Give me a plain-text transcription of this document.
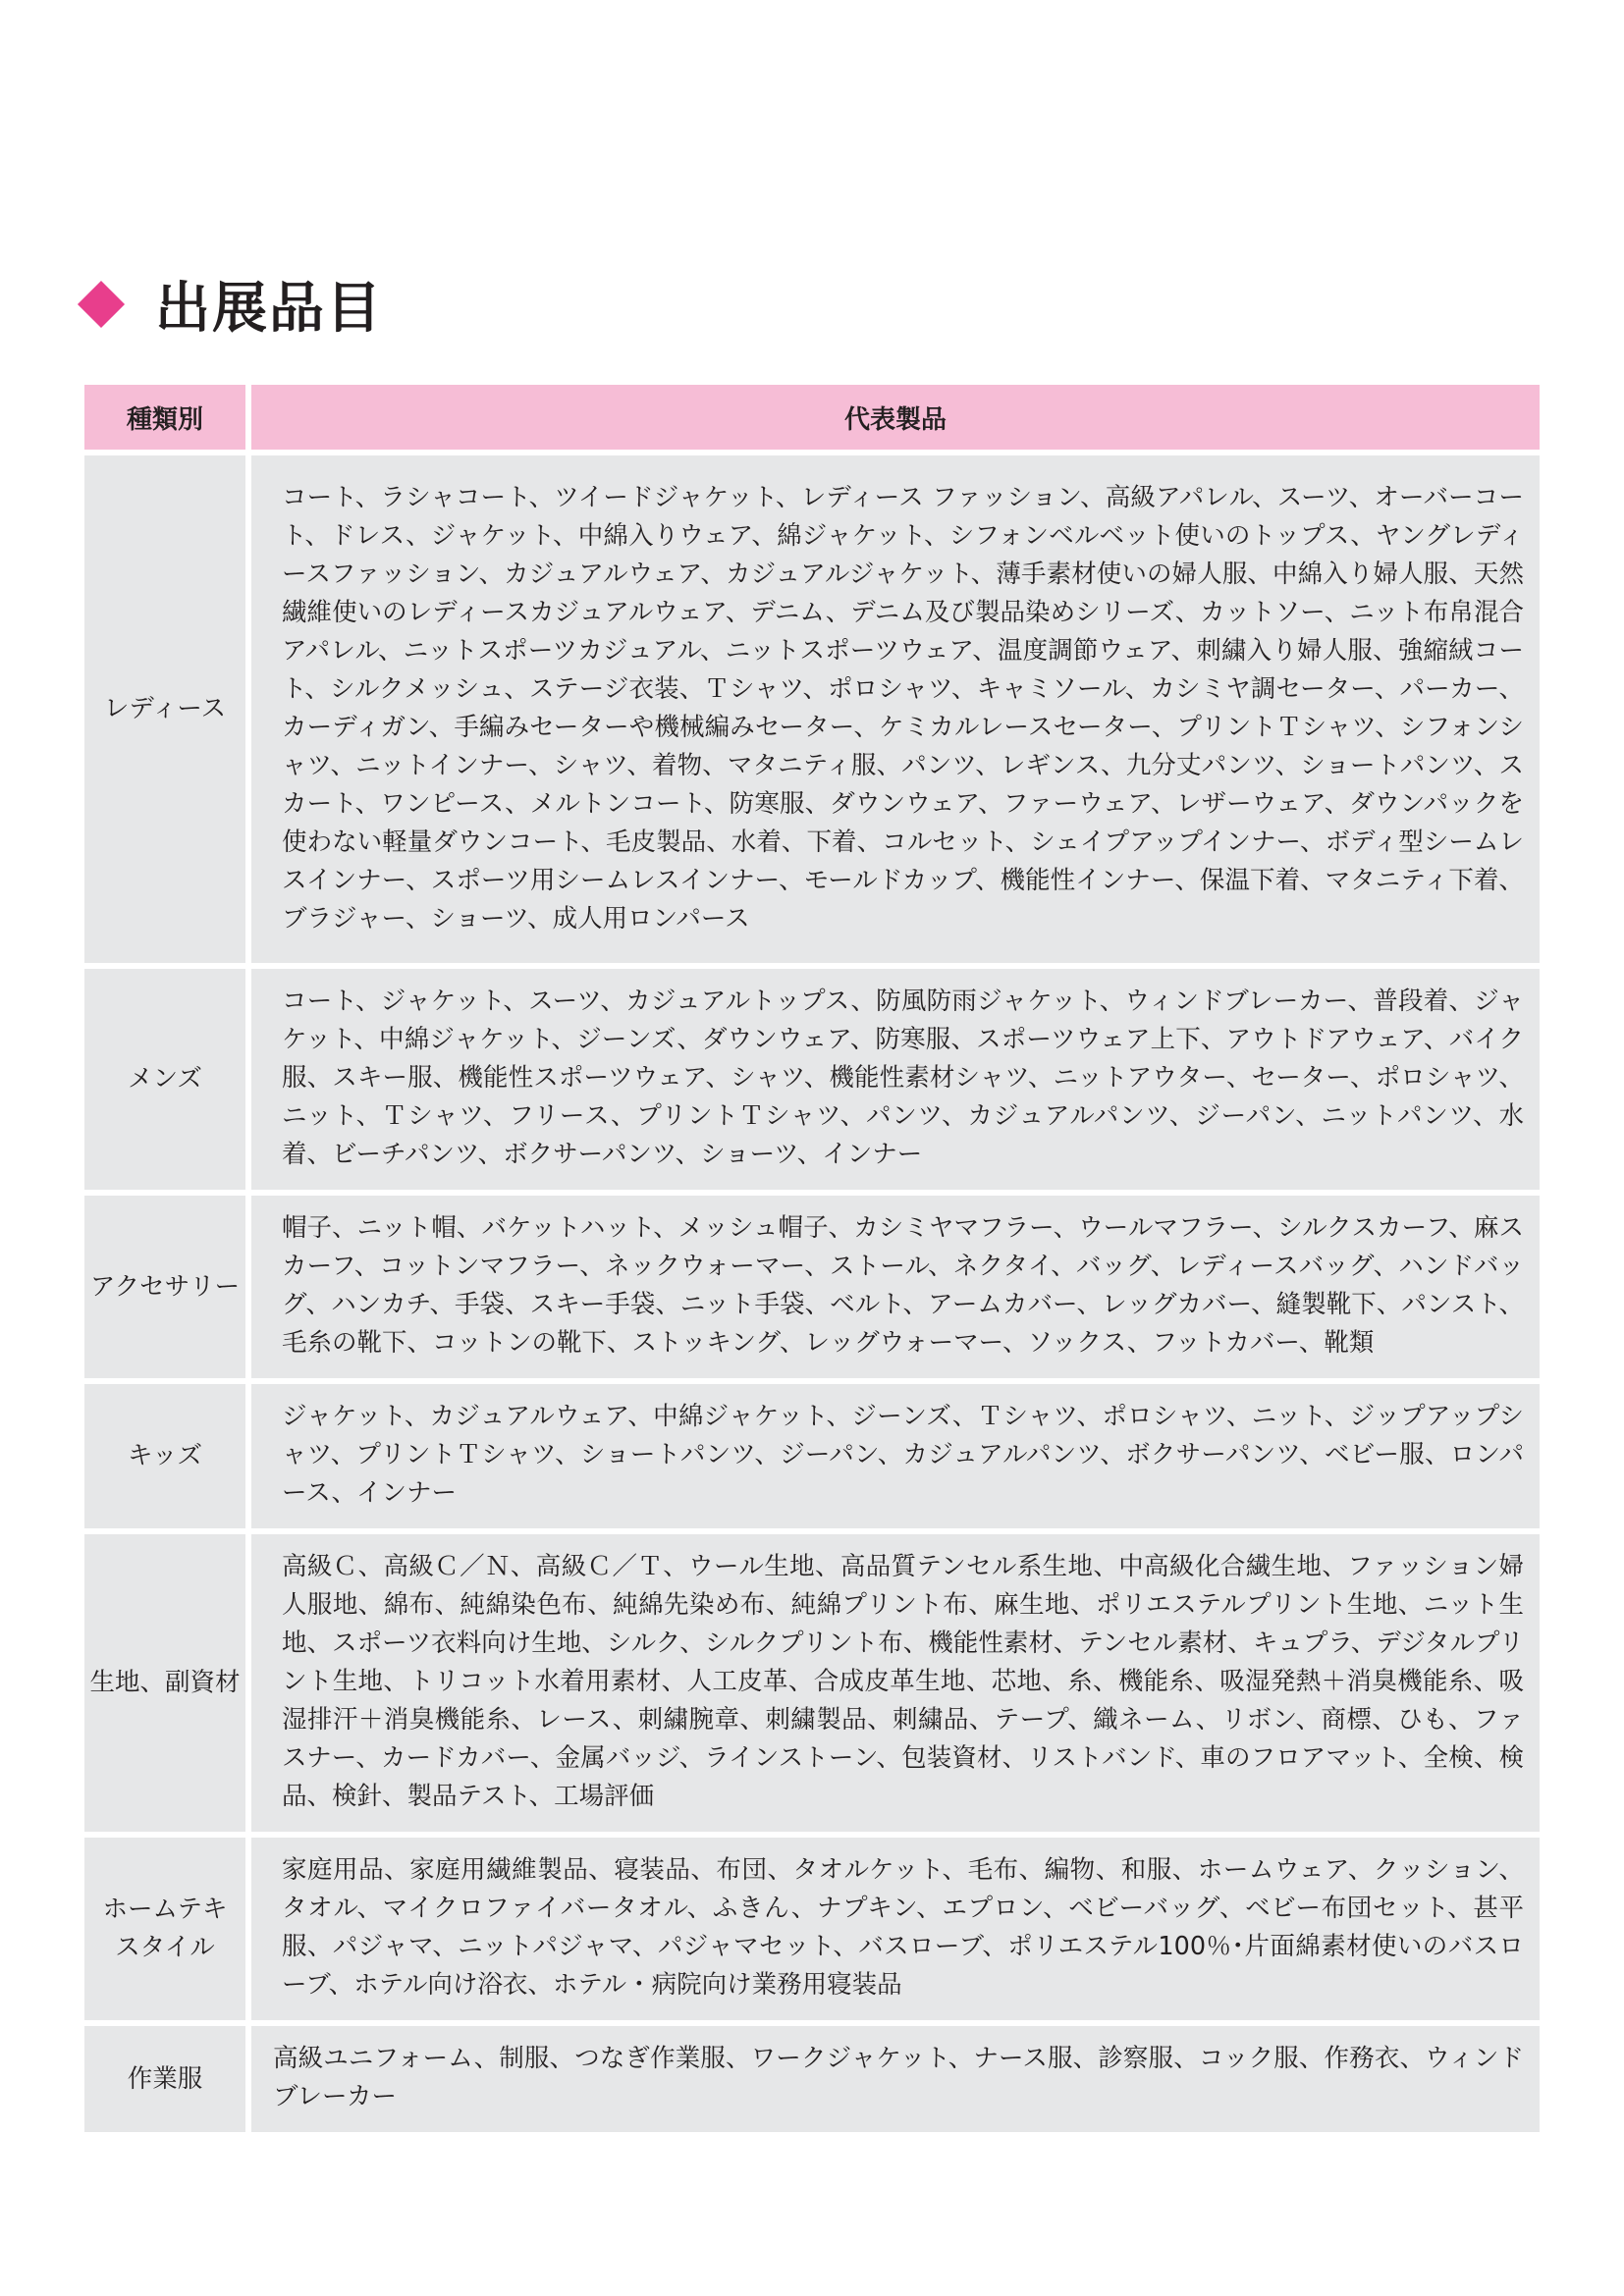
出展品目
種類別	代表製品
レディース	コート、ラシャコート、ツイードジャケット、レディース ファッション、高級アパレル、スーツ、オーバーコート、ドレス、ジャケット、中綿入りウェア、綿ジャケット、シフォンベルベット使いのトップス、ヤングレディースファッション、カジュアルウェア、カジュアルジャケット、薄手素材使いの婦人服、中綿入り婦人服、天然繊維使いのレディースカジュアルウェア、デニム、デニム及び製品染めシリーズ、カットソー、ニット布帛混合アパレル、ニットスポーツカジュアル、ニットスポーツウェア、温度調節ウェア、刺繍入り婦人服、強縮絨コート、シルクメッシュ、ステージ衣装、Ｔシャツ、ポロシャツ、キャミソール、カシミヤ調セーター、パーカー、カーディガン、手編みセーターや機械編みセーター、ケミカルレースセーター、プリントＴシャツ、シフォンシャツ、ニットインナー、シャツ、着物、マタニティ服、パンツ、レギンス、九分丈パンツ、ショートパンツ、スカート、ワンピース、メルトンコート、防寒服、ダウンウェア、ファーウェア、レザーウェア、ダウンパックを使わない軽量ダウンコート、毛皮製品、水着、下着、コルセット、シェイプアップインナー、ボディ型シームレスインナー、スポーツ用シームレスインナー、モールドカップ、機能性インナー、保温下着、マタニティ下着、ブラジャー、ショーツ、成人用ロンパース
メンズ	コート、ジャケット、スーツ、カジュアルトップス、防風防雨ジャケット、ウィンドブレーカー、普段着、ジャケット、中綿ジャケット、ジーンズ、ダウンウェア、防寒服、スポーツウェア上下、アウトドアウェア、バイク服、スキー服、機能性スポーツウェア、シャツ、機能性素材シャツ、ニットアウター、セーター、ポロシャツ、ニット、Ｔシャツ、フリース、プリントＴシャツ、パンツ、カジュアルパンツ、ジーパン、ニットパンツ、水着、ビーチパンツ、ボクサーパンツ、ショーツ、インナー
アクセサリー	帽子、ニット帽、バケットハット、メッシュ帽子、カシミヤマフラー、ウールマフラー、シルクスカーフ、麻スカーフ、コットンマフラー、ネックウォーマー、ストール、ネクタイ、バッグ、レディースバッグ、ハンドバッグ、ハンカチ、手袋、スキー手袋、ニット手袋、ベルト、アームカバー、レッグカバー、縫製靴下、パンスト、毛糸の靴下、コットンの靴下、ストッキング、レッグウォーマー、ソックス、フットカバー、靴類
キッズ	ジャケット、カジュアルウェア、中綿ジャケット、ジーンズ、Ｔシャツ、ポロシャツ、ニット、ジップアップシャツ、プリントＴシャツ、ショートパンツ、ジーパン、カジュアルパンツ、ボクサーパンツ、ベビー服、ロンパース、インナー
生地、副資材	高級Ｃ、高級Ｃ／Ｎ、高級Ｃ／Ｔ、ウール生地、高品質テンセル系生地、中高級化合繊生地、ファッション婦人服地、綿布、純綿染色布、純綿先染め布、純綿プリント布、麻生地、ポリエステルプリント生地、ニット生地、スポーツ衣料向け生地、シルク、シルクプリント布、機能性素材、テンセル素材、キュプラ、デジタルプリント生地、トリコット水着用素材、人工皮革、合成皮革生地、芯地、糸、機能糸、吸湿発熱＋消臭機能糸、吸湿排汗＋消臭機能糸、レース、刺繍腕章、刺繍製品、刺繍品、テープ、織ネーム、リボン、商標、ひも、ファスナー、カードカバー、金属バッジ、ラインストーン、包装資材、リストバンド、車のフロアマット、全検、検品、検針、製品テスト、工場評価
ホームテキスタイル	家庭用品、家庭用繊維製品、寝装品、布団、タオルケット、毛布、編物、和服、ホームウェア、クッション、タオル、マイクロファイバータオル、ふきん、ナプキン、エプロン、ベビーバッグ、ベビー布団セット、甚平服、パジャマ、ニットパジャマ、パジャマセット、バスローブ、ポリエステル100％･片面綿素材使いのバスローブ、ホテル向け浴衣、ホテル・病院向け業務用寝装品
作業服	高級ユニフォーム、制服、つなぎ作業服、ワークジャケット、ナース服、診察服、コック服、作務衣、ウィンドブレーカー
